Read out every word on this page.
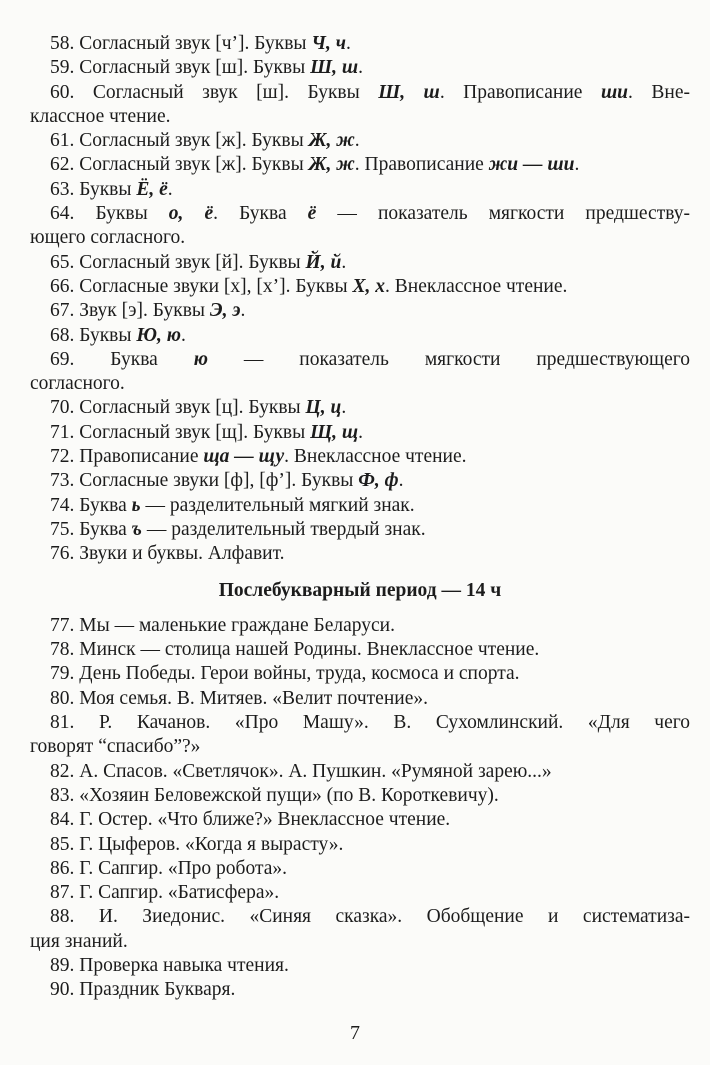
58. Согласный звук [ч’]. Буквы Ч, ч.
59. Согласный звук [ш]. Буквы Ш, ш.
60. Согласный звук [ш]. Буквы Ш, ш. Правописание ши. Вне-
классное чтение.
61. Согласный звук [ж]. Буквы Ж, ж.
62. Согласный звук [ж]. Буквы Ж, ж. Правописание жи — ши.
63. Буквы Ё, ё.
64. Буквы о, ё. Буква ё — показатель мягкости предшеству-
ющего согласного.
65. Согласный звук [й]. Буквы Й, й.
66. Согласные звуки [х], [х’]. Буквы Х, х. Внеклассное чтение.
67. Звук [э]. Буквы Э, э.
68. Буквы Ю, ю.
69. Буква ю — показатель мягкости предшествующего
согласного.
70. Согласный звук [ц]. Буквы Ц, ц.
71. Согласный звук [щ]. Буквы Щ, щ.
72. Правописание ща — щу. Внеклассное чтение.
73. Согласные звуки [ф], [ф’]. Буквы Ф, ф.
74. Буква ь — разделительный мягкий знак.
75. Буква ъ — разделительный твердый знак.
76. Звуки и буквы. Алфавит.
Послебукварный период — 14 ч
77. Мы — маленькие граждане Беларуси.
78. Минск — столица нашей Родины. Внеклассное чтение.
79. День Победы. Герои войны, труда, космоса и спорта.
80. Моя семья. В. Митяев. «Велит почтение».
81. Р. Качанов. «Про Машу». В. Сухомлинский. «Для чего
говорят “спасибо”?»
82. А. Спасов. «Светлячок». А. Пушкин. «Румяной зарею...»
83. «Хозяин Беловежской пущи» (по В. Короткевичу).
84. Г. Остер. «Что ближе?» Внеклассное чтение.
85. Г. Цыферов. «Когда я вырасту».
86. Г. Сапгир. «Про робота».
87. Г. Сапгир. «Батисфера».
88. И. Зиедонис. «Синяя сказка». Обобщение и систематиза-
ция знаний.
89. Проверка навыка чтения.
90. Праздник Букваря.
7
